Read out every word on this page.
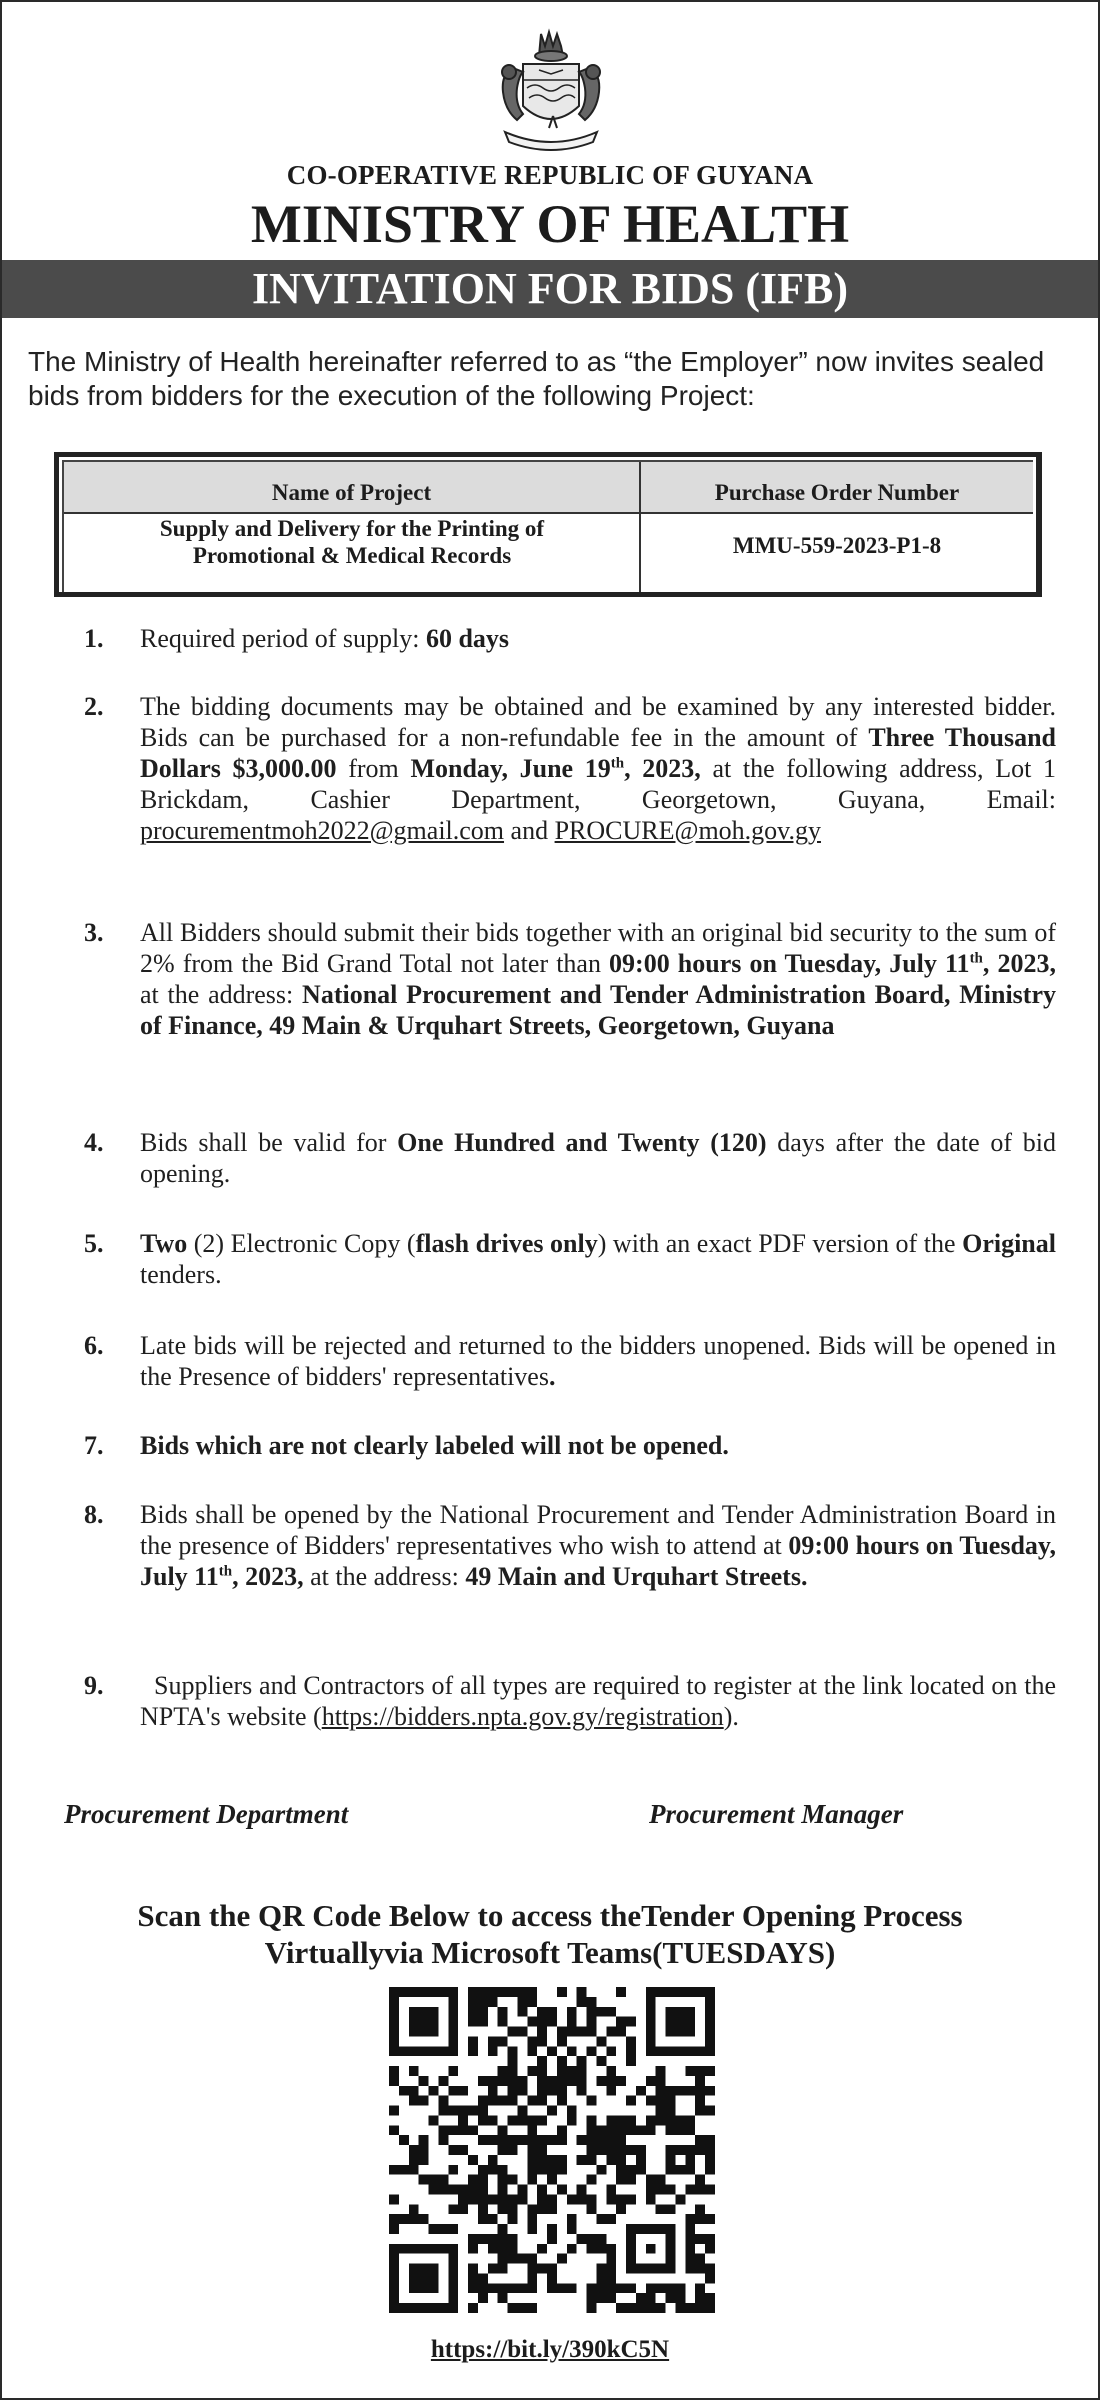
CO-OPERATIVE REPUBLIC OF GUYANA
MINISTRY OF HEALTH
INVITATION FOR BIDS (IFB)
The Ministry of Health hereinafter referred to as “the Employer” now invites sealed bids from bidders for the execution of the following Project:
Name of Project	Purchase Order Number
Supply and Delivery for the Printing of
Promotional & Medical Records	MMU-559-2023-P1-8
1. Required period of supply: 60 days
2. The bidding documents may be obtained and be examined by any interested bidder. Bids can be purchased for a non-refundable fee in the amount of Three Thousand Dollars $3,000.00 from Monday, June 19th, 2023, at the following address, Lot 1 Brickdam, Cashier Department, Georgetown, Guyana, Email: procurementmoh2022@gmail.com and PROCURE@moh.gov.gy
3. All Bidders should submit their bids together with an original bid security to the sum of 2% from the Bid Grand Total not later than 09:00 hours on Tuesday, July 11th, 2023, at the address: National Procurement and Tender Administration Board, Ministry of Finance, 49 Main & Urquhart Streets, Georgetown, Guyana
4. Bids shall be valid for One Hundred and Twenty (120) days after the date of bid opening.
5. Two (2) Electronic Copy (flash drives only) with an exact PDF version of the Original tenders.
6. Late bids will be rejected and returned to the bidders unopened. Bids will be opened in the Presence of bidders' representatives.
7. Bids which are not clearly labeled will not be opened.
8. Bids shall be opened by the National Procurement and Tender Administration Board in the presence of Bidders' representatives who wish to attend at 09:00 hours on Tuesday, July 11th, 2023, at the address: 49 Main and Urquhart Streets.
9.	Suppliers and Contractors of all types are required to register at the link located on the NPTA's website (https://bidders.npta.gov.gy/registration).
Procurement Department	Procurement Manager
Scan the QR Code Below to access theTender Opening Process
Virtuallyvia Microsoft Teams(TUESDAYS)
https://bit.ly/390kC5N
